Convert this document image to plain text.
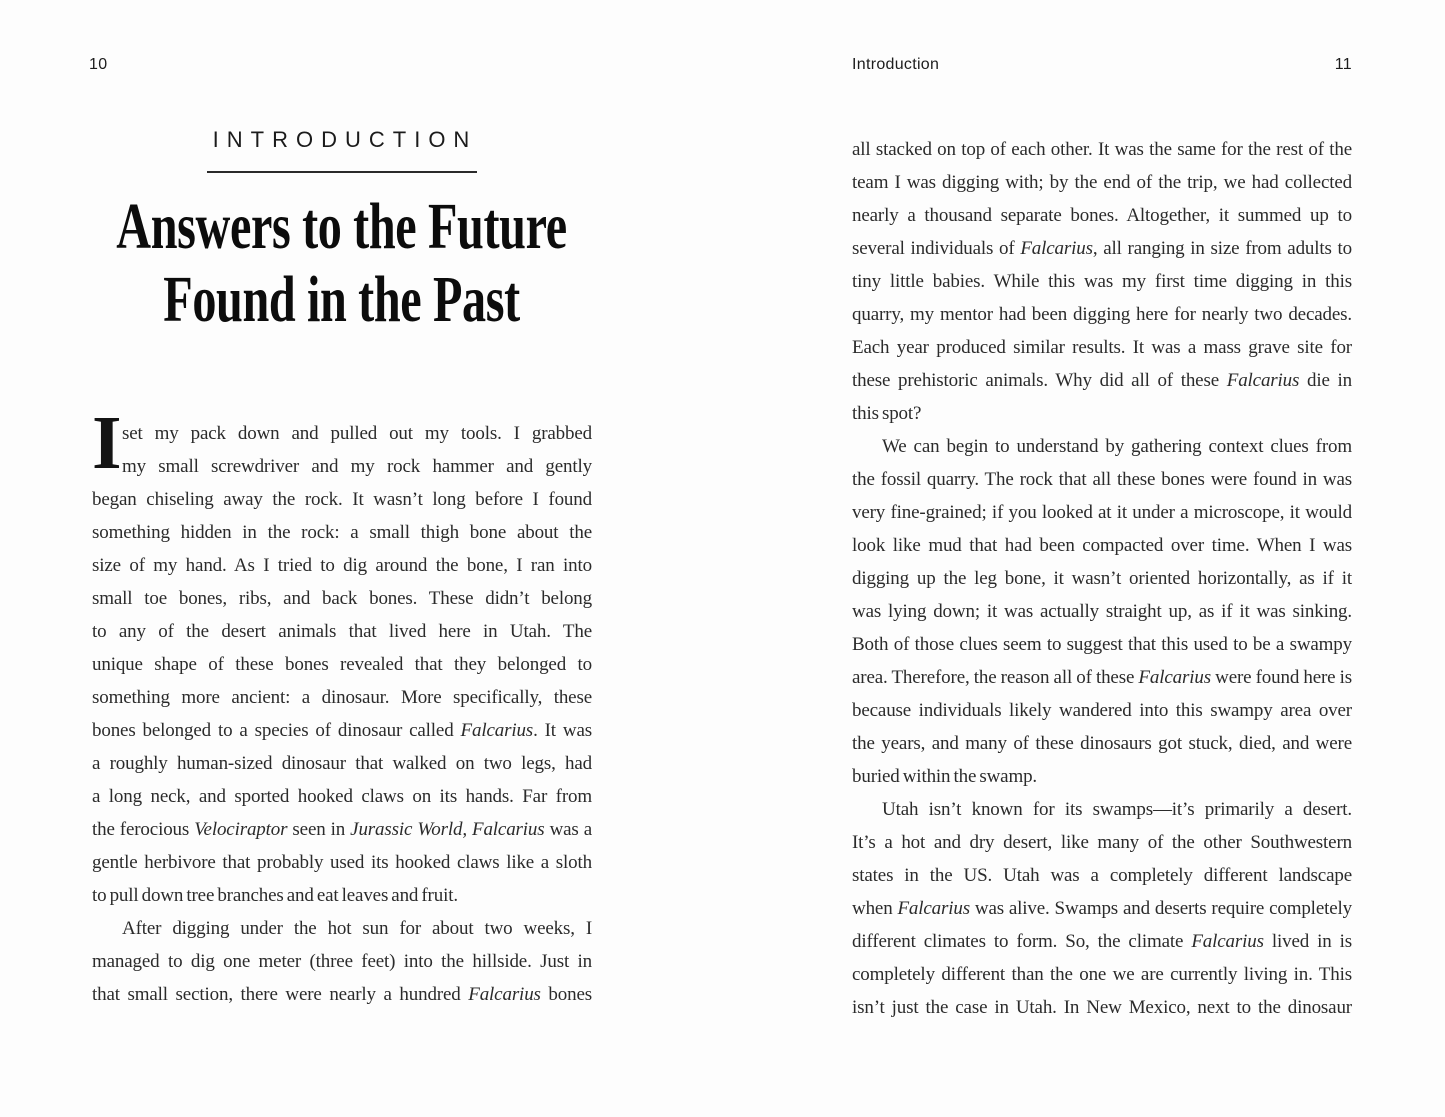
10
INTRODUCTION
Answers to the Future
Found in the Past
I set my pack down and pulled out my tools. I grabbed
my small screwdriver and my rock hammer and gently
began chiseling away the rock. It wasn’t long before I found
something hidden in the rock: a small thigh bone about the
size of my hand. As I tried to dig around the bone, I ran into
small toe bones, ribs, and back bones. These didn’t belong
to any of the desert animals that lived here in Utah. The
unique shape of these bones revealed that they belonged to
something more ancient: a dinosaur. More specifically, these
bones belonged to a species of dinosaur called Falcarius. It was
a roughly human-sized dinosaur that walked on two legs, had
a long neck, and sported hooked claws on its hands. Far from
the ferocious Velociraptor seen in Jurassic World, Falcarius was a
gentle herbivore that probably used its hooked claws like a sloth
to pull down tree branches and eat leaves and fruit.
After digging under the hot sun for about two weeks, I
managed to dig one meter (three feet) into the hillside. Just in
that small section, there were nearly a hundred Falcarius bones
Introduction	11
all stacked on top of each other. It was the same for the rest of the
team I was digging with; by the end of the trip, we had collected
nearly a thousand separate bones. Altogether, it summed up to
several individuals of Falcarius, all ranging in size from adults to
tiny little babies. While this was my first time digging in this
quarry, my mentor had been digging here for nearly two decades.
Each year produced similar results. It was a mass grave site for
these prehistoric animals. Why did all of these Falcarius die in
this spot?
We can begin to understand by gathering context clues from
the fossil quarry. The rock that all these bones were found in was
very fine-grained; if you looked at it under a microscope, it would
look like mud that had been compacted over time. When I was
digging up the leg bone, it wasn’t oriented horizontally, as if it
was lying down; it was actually straight up, as if it was sinking.
Both of those clues seem to suggest that this used to be a swampy
area. Therefore, the reason all of these Falcarius were found here is
because individuals likely wandered into this swampy area over
the years, and many of these dinosaurs got stuck, died, and were
buried within the swamp.
Utah isn’t known for its swamps—it’s primarily a desert.
It’s a hot and dry desert, like many of the other Southwestern
states in the US. Utah was a completely different landscape
when Falcarius was alive. Swamps and deserts require completely
different climates to form. So, the climate Falcarius lived in is
completely different than the one we are currently living in. This
isn’t just the case in Utah. In New Mexico, next to the dinosaur
